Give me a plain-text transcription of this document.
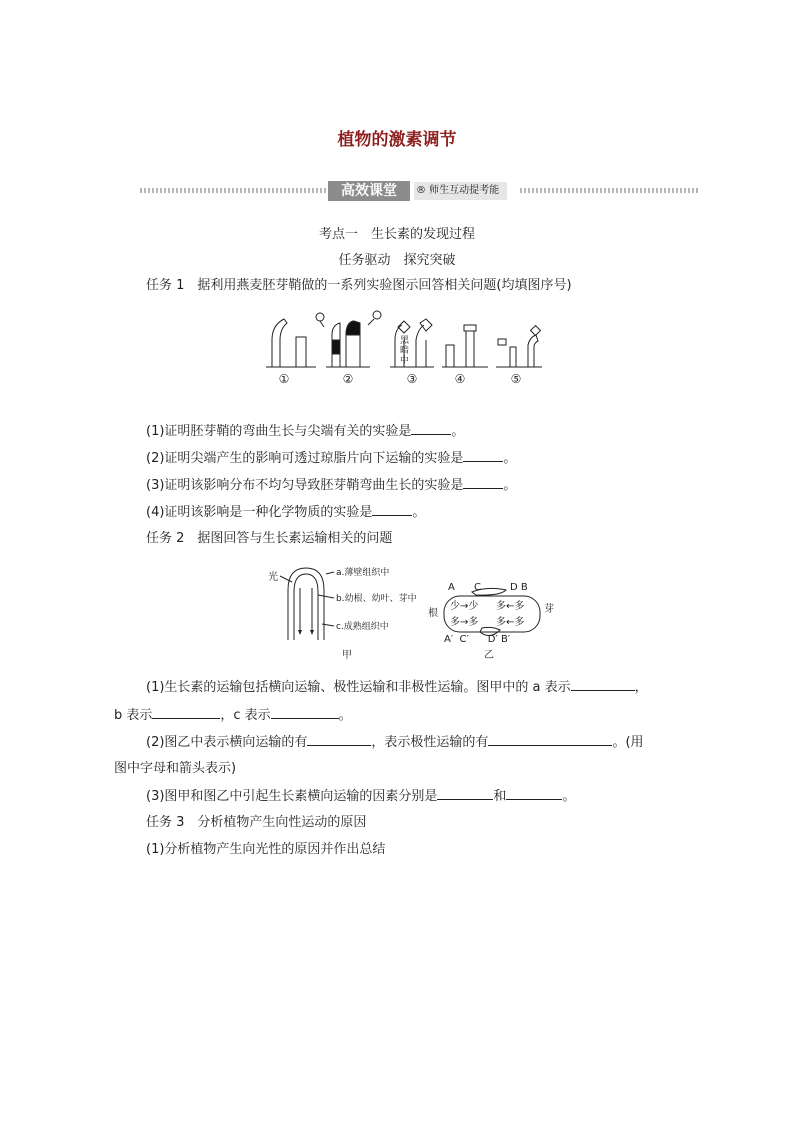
植物的激素调节
高效课堂	® 师生互动提考能
考点一　生长素的发现过程
任务驱动　探究突破
任务 1　据利用燕麦胚芽鞘做的一系列实验图示回答相关问题(均填图序号)
黑
暗
中
①	②	③	④	⑤
(1)证明胚芽鞘的弯曲生长与尖端有关的实验是	。
(2)证明尖端产生的影响可透过琼脂片向下运输的实验是	。
(3)证明该影响分布不均匀导致胚芽鞘弯曲生长的实验是	。
(4)证明该影响是一种化学物质的实验是	。
任务 2　据图回答与生长素运输相关的问题
光	a.薄壁组织中
b.幼根、幼叶、芽中
c.成熟组织中
甲
A C	D B
根	芽
少→少 多←多
多→多 多←多
A′  C′      D′ B′
乙
(1)生长素的运输包括横向运输、极性运输和非极性运输。图甲中的 a 表示	，
b 表示	，c 表示	。
(2)图乙中表示横向运输的有	，表示极性运输的有	。(用
图中字母和箭头表示)
(3)图甲和图乙中引起生长素横向运输的因素分别是	和	。
任务 3　分析植物产生向性运动的原因
(1)分析植物产生向光性的原因并作出总结
